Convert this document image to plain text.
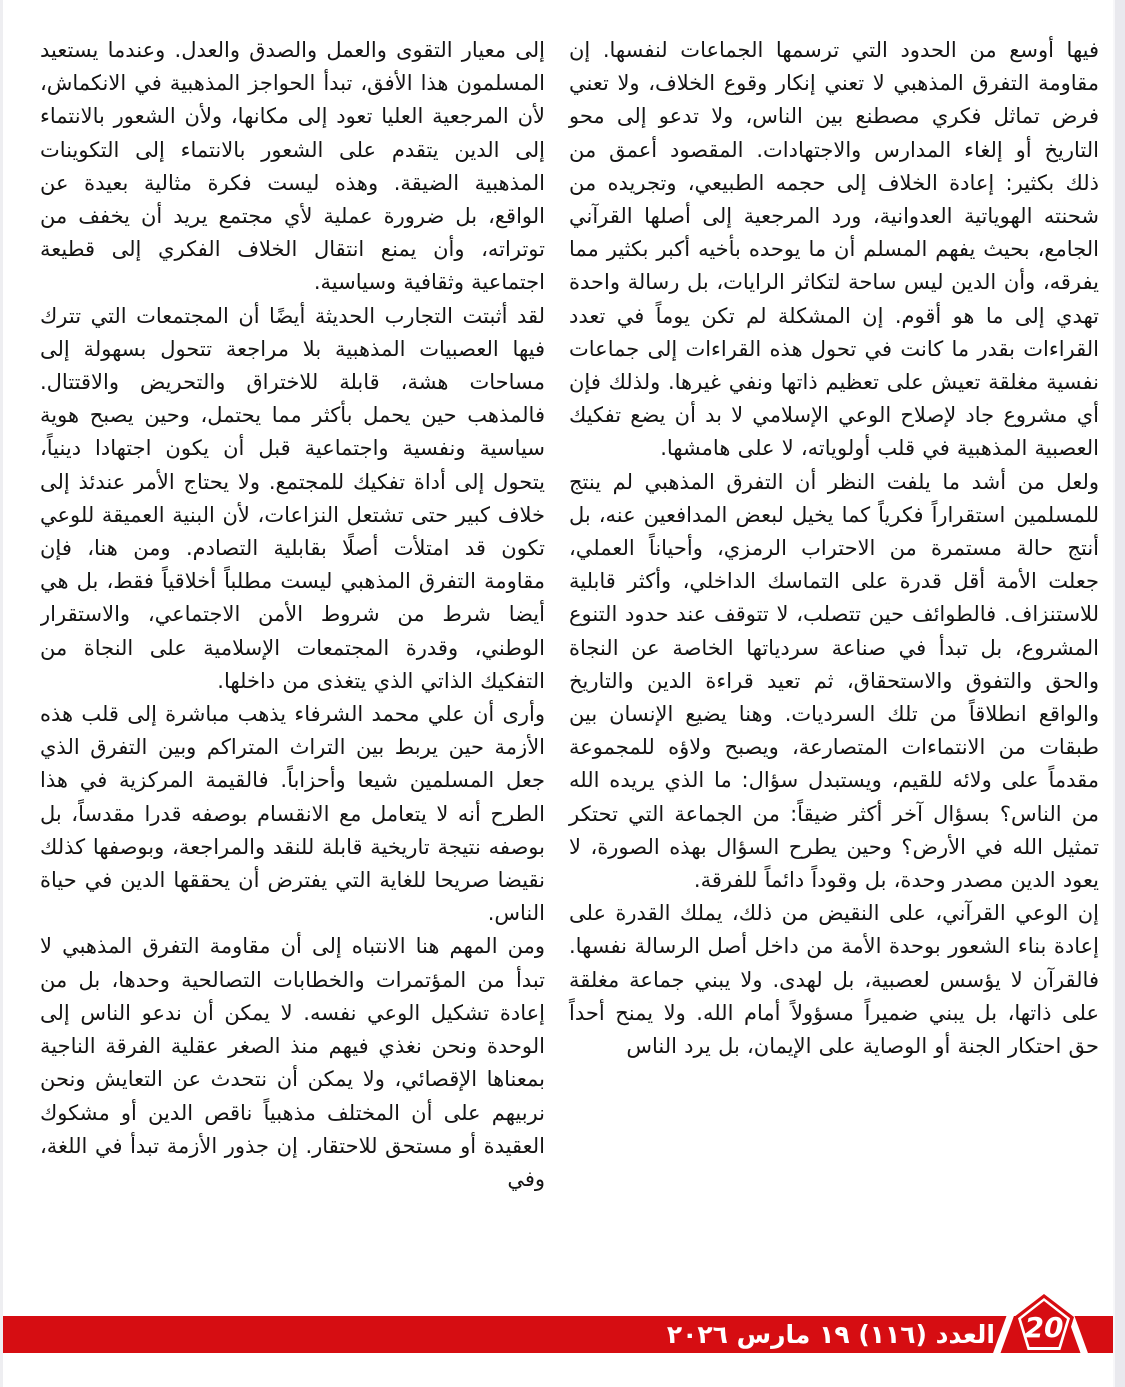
فيها أوسع من الحدود التي ترسمها الجماعات لنفسها. إن مقاومة التفرق المذهبي لا تعني إنكار وقوع الخلاف، ولا تعني فرض تماثل فكري مصطنع بين الناس، ولا تدعو إلى محو التاريخ أو إلغاء المدارس والاجتهادات. المقصود أعمق من ذلك بكثير: إعادة الخلاف إلى حجمه الطبيعي، وتجريده من شحنته الهوياتية العدوانية، ورد المرجعية إلى أصلها القرآني الجامع، بحيث يفهم المسلم أن ما يوحده بأخيه أكبر بكثير مما يفرقه، وأن الدين ليس ساحة لتكاثر الرايات، بل رسالة واحدة تهدي إلى ما هو أقوم. إن المشكلة لم تكن يوماً في تعدد القراءات بقدر ما كانت في تحول هذه القراءات إلى جماعات نفسية مغلقة تعيش على تعظيم ذاتها ونفي غيرها. ولذلك فإن أي مشروع جاد لإصلاح الوعي الإسلامي لا بد أن يضع تفكيك العصبية المذهبية في قلب أولوياته، لا على هامشها.

ولعل من أشد ما يلفت النظر أن التفرق المذهبي لم ينتج للمسلمين استقراراً فكرياً كما يخيل لبعض المدافعين عنه، بل أنتج حالة مستمرة من الاحتراب الرمزي، وأحياناً العملي، جعلت الأمة أقل قدرة على التماسك الداخلي، وأكثر قابلية للاستنزاف. فالطوائف حين تتصلب، لا تتوقف عند حدود التنوع المشروع، بل تبدأ في صناعة سردياتها الخاصة عن النجاة والحق والتفوق والاستحقاق، ثم تعيد قراءة الدين والتاريخ والواقع انطلاقاً من تلك السرديات. وهنا يضيع الإنسان بين طبقات من الانتماءات المتصارعة، ويصبح ولاؤه للمجموعة مقدماً على ولائه للقيم، ويستبدل سؤال: ما الذي يريده الله من الناس؟ بسؤال آخر أكثر ضيقاً: من الجماعة التي تحتكر تمثيل الله في الأرض؟ وحين يطرح السؤال بهذه الصورة، لا يعود الدين مصدر وحدة، بل وقوداً دائماً للفرقة.

إن الوعي القرآني، على النقيض من ذلك، يملك القدرة على إعادة بناء الشعور بوحدة الأمة من داخل أصل الرسالة نفسها. فالقرآن لا يؤسس لعصبية، بل لهدى. ولا يبني جماعة مغلقة على ذاتها، بل يبني ضميراً مسؤولاً أمام الله. ولا يمنح أحداً حق احتكار الجنة أو الوصاية على الإيمان، بل يرد الناس

إلى معيار التقوى والعمل والصدق والعدل. وعندما يستعيد المسلمون هذا الأفق، تبدأ الحواجز المذهبية في الانكماش، لأن المرجعية العليا تعود إلى مكانها، ولأن الشعور بالانتماء إلى الدين يتقدم على الشعور بالانتماء إلى التكوينات المذهبية الضيقة. وهذه ليست فكرة مثالية بعيدة عن الواقع، بل ضرورة عملية لأي مجتمع يريد أن يخفف من توتراته، وأن يمنع انتقال الخلاف الفكري إلى قطيعة اجتماعية وثقافية وسياسية.

لقد أثبتت التجارب الحديثة أيضًا أن المجتمعات التي تترك فيها العصبيات المذهبية بلا مراجعة تتحول بسهولة إلى مساحات هشة، قابلة للاختراق والتحريض والاقتتال. فالمذهب حين يحمل بأكثر مما يحتمل، وحين يصبح هوية سياسية ونفسية واجتماعية قبل أن يكون اجتهادا دينياً، يتحول إلى أداة تفكيك للمجتمع. ولا يحتاج الأمر عندئذ إلى خلاف كبير حتى تشتعل النزاعات، لأن البنية العميقة للوعي تكون قد امتلأت أصلًا بقابلية التصادم. ومن هنا، فإن مقاومة التفرق المذهبي ليست مطلباً أخلاقياً فقط، بل هي أيضا شرط من شروط الأمن الاجتماعي، والاستقرار الوطني، وقدرة المجتمعات الإسلامية على النجاة من التفكيك الذاتي الذي يتغذى من داخلها.

وأرى أن علي محمد الشرفاء يذهب مباشرة إلى قلب هذه الأزمة حين يربط بين التراث المتراكم وبين التفرق الذي جعل المسلمين شيعا وأحزاباً. فالقيمة المركزية في هذا الطرح أنه لا يتعامل مع الانقسام بوصفه قدرا مقدساً، بل بوصفه نتيجة تاريخية قابلة للنقد والمراجعة، وبوصفها كذلك نقيضا صريحا للغاية التي يفترض أن يحققها الدين في حياة الناس.

ومن المهم هنا الانتباه إلى أن مقاومة التفرق المذهبي لا تبدأ من المؤتمرات والخطابات التصالحية وحدها، بل من إعادة تشكيل الوعي نفسه. لا يمكن أن ندعو الناس إلى الوحدة ونحن نغذي فيهم منذ الصغر عقلية الفرقة الناجية بمعناها الإقصائي، ولا يمكن أن نتحدث عن التعايش ونحن نربيهم على أن المختلف مذهبياً ناقص الدين أو مشكوك العقيدة أو مستحق للاحتقار. إن جذور الأزمة تبدأ في اللغة، وفي

العدد (١١٦) ١٩ مارس ٢٠٢٦	20
